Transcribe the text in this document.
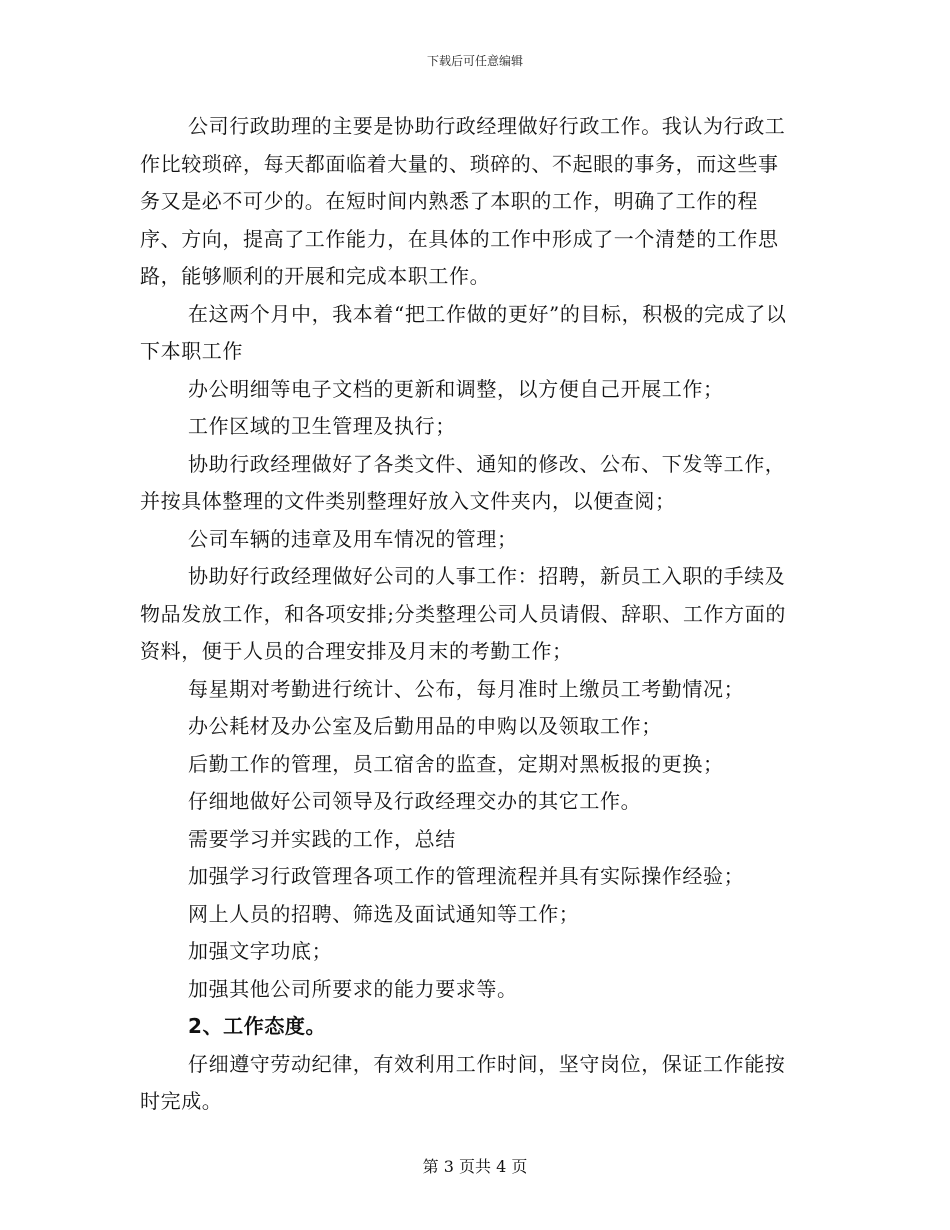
下载后可任意编辑

公司行政助理的主要是协助行政经理做好行政工作。我认为行政工作比较琐碎，每天都面临着大量的、琐碎的、不起眼的事务，而这些事务又是必不可少的。在短时间内熟悉了本职的工作，明确了工作的程序、方向，提高了工作能力，在具体的工作中形成了一个清楚的工作思路，能够顺利的开展和完成本职工作。

在这两个月中，我本着“把工作做的更好”的目标，积极的完成了以下本职工作

办公明细等电子文档的更新和调整，以方便自己开展工作；

工作区域的卫生管理及执行；

协助行政经理做好了各类文件、通知的修改、公布、下发等工作，并按具体整理的文件类别整理好放入文件夹内，以便查阅；

公司车辆的违章及用车情况的管理；

协助好行政经理做好公司的人事工作：招聘，新员工入职的手续及物品发放工作，和各项安排;分类整理公司人员请假、辞职、工作方面的资料，便于人员的合理安排及月末的考勤工作；

每星期对考勤进行统计、公布，每月准时上缴员工考勤情况；

办公耗材及办公室及后勤用品的申购以及领取工作；

后勤工作的管理，员工宿舍的监查，定期对黑板报的更换；

仔细地做好公司领导及行政经理交办的其它工作。

需要学习并实践的工作，总结

加强学习行政管理各项工作的管理流程并具有实际操作经验；

网上人员的招聘、筛选及面试通知等工作；

加强文字功底；

加强其他公司所要求的能力要求等。

2、工作态度。

仔细遵守劳动纪律，有效利用工作时间，坚守岗位，保证工作能按时完成。

第 3 页共 4 页
